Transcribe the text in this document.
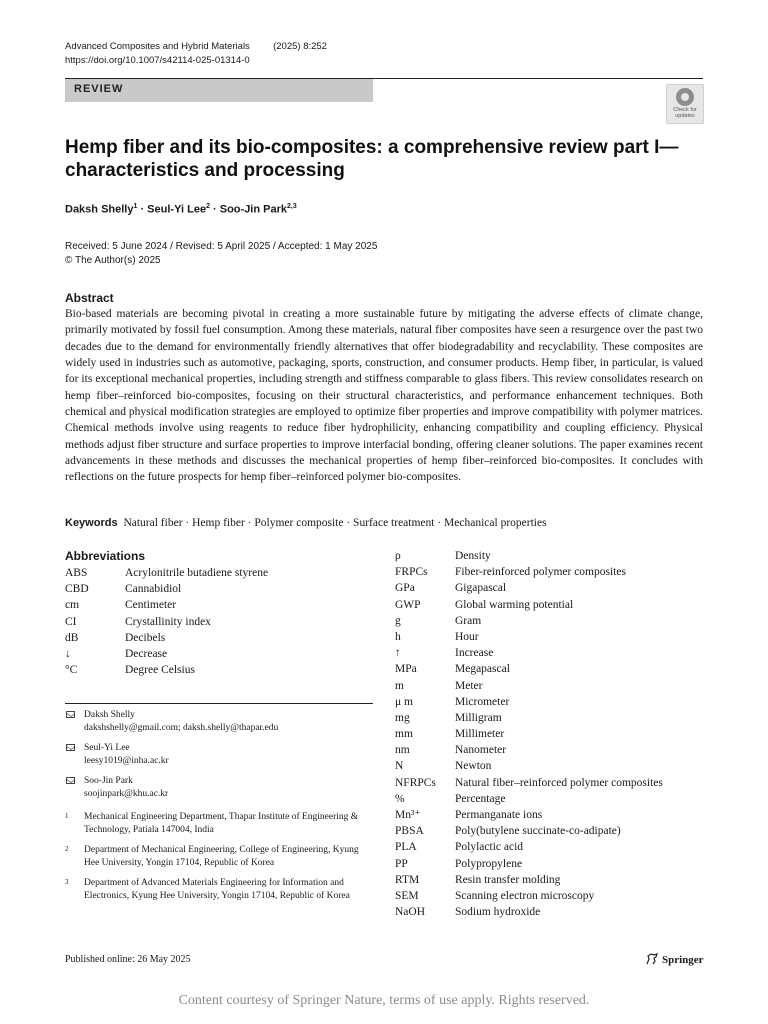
Advanced Composites and Hybrid Materials (2025) 8:252
https://doi.org/10.1007/s42114-025-01314-0
REVIEW
Check for updates
Hemp fiber and its bio-composites: a comprehensive review part I—characteristics and processing
Daksh Shelly$^1$ · Seul-Yi Lee$^2$ · Soo-Jin Park$^{2,3}$
Received: 5 June 2024 / Revised: 5 April 2025 / Accepted: 1 May 2025
© The Author(s) 2025
Abstract
Bio-based materials are becoming pivotal in creating a more sustainable future by mitigating the adverse effects of climate change, primarily motivated by fossil fuel consumption. Among these materials, natural fiber composites have seen a resurgence over the past two decades due to the demand for environmentally friendly alternatives that offer biodegradability and recyclability. These composites are widely used in industries such as automotive, packaging, sports, construction, and consumer products. Hemp fiber, in particular, is valued for its exceptional mechanical properties, including strength and stiffness comparable to glass fibers. This review consolidates research on hemp fiber–reinforced bio-composites, focusing on their structural characteristics, and performance enhancement techniques. Both chemical and physical modification strategies are employed to optimize fiber properties and improve compatibility with polymer matrices. Chemical methods involve using reagents to reduce fiber hydrophilicity, enhancing compatibility and coupling efficiency. Physical methods adjust fiber structure and surface properties to improve interfacial bonding, offering cleaner solutions. The paper examines recent advancements in these methods and discusses the mechanical properties of hemp fiber–reinforced bio-composites. It concludes with reflections on the future prospects for hemp fiber–reinforced polymer bio-composites.
Keywords Natural fiber · Hemp fiber · Polymer composite · Surface treatment · Mechanical properties
Abbreviations
ABS	Acrylonitrile butadiene styrene
CBD	Cannabidiol
cm	Centimeter
CI	Crystallinity index
dB	Decibels
↓	Decrease
°C	Degree Celsius
ρ	Density
FRPCs	Fiber-reinforced polymer composites
GPa	Gigapascal
GWP	Global warming potential
g	Gram
h	Hour
↑	Increase
MPa	Megapascal
m	Meter
μ m	Micrometer
mg	Milligram
mm	Millimeter
nm	Nanometer
N	Newton
NFRPCs	Natural fiber–reinforced polymer composites
%	Percentage
Mn³⁺	Permanganate ions
PBSA	Poly(butylene succinate-co-adipate)
PLA	Polylactic acid
PP	Polypropylene
RTM	Resin transfer molding
SEM	Scanning electron microscopy
NaOH	Sodium hydroxide
Daksh Shelly
dakshshelly@gmail.com; daksh.shelly@thapar.edu
Seul-Yi Lee
leesy1019@inha.ac.kr
Soo-Jin Park
soojinpark@khu.ac.kr
1	Mechanical Engineering Department, Thapar Institute of Engineering & Technology, Patiala 147004, India
2	Department of Mechanical Engineering, College of Engineering, Kyung Hee University, Yongin 17104, Republic of Korea
3	Department of Advanced Materials Engineering for Information and Electronics, Kyung Hee University, Yongin 17104, Republic of Korea
Published online: 26 May 2025	Springer
Content courtesy of Springer Nature, terms of use apply. Rights reserved.
